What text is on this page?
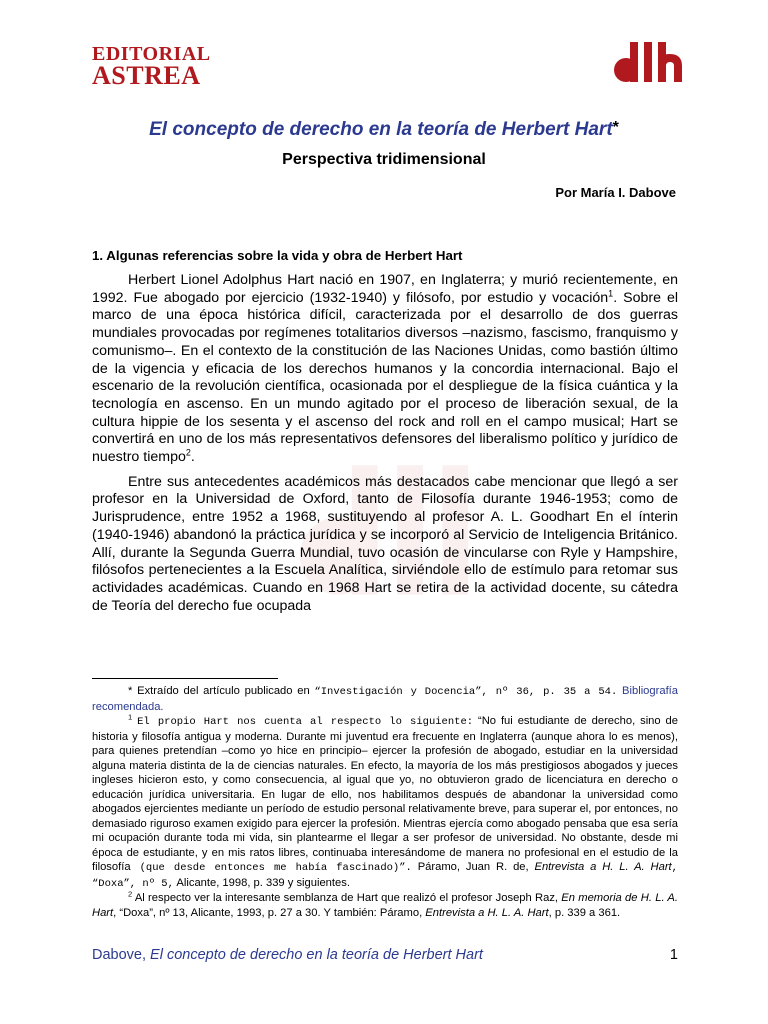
EDITORIAL
ASTREA
El concepto de derecho en la teoría de Herbert Hart*
Perspectiva tridimensional
Por María I. Dabove
1. Algunas referencias sobre la vida y obra de Herbert Hart

Herbert Lionel Adolphus Hart nació en 1907, en Inglaterra; y murió recientemente, en 1992. Fue abogado por ejercicio (1932-1940) y filósofo, por estudio y vocación$^1$. Sobre el marco de una época histórica difícil, caracterizada por el desarrollo de dos guerras mundiales provocadas por regímenes totalitarios diversos –nazismo, fascismo, franquismo y comunismo–. En el contexto de la constitución de las Naciones Unidas, como bastión último de la vigencia y eficacia de los derechos humanos y la concordia internacional. Bajo el escenario de la revolución científica, ocasionada por el despliegue de la física cuántica y la tecnología en ascenso. En un mundo agitado por el proceso de liberación sexual, de la cultura hippie de los sesenta y el ascenso del rock and roll en el campo musical; Hart se convertirá en uno de los más representativos defensores del liberalismo político y jurídico de nuestro tiempo$^2$.

Entre sus antecedentes académicos más destacados cabe mencionar que llegó a ser profesor en la Universidad de Oxford, tanto de Filosofía durante 1946-1953; como de Jurisprudence, entre 1952 a 1968, sustituyendo al profesor A. L. Goodhart En el ínterin (1940-1946) abandonó la práctica jurídica y se incorporó al Servicio de Inteligencia Británico. Allí, durante la Segunda Guerra Mundial, tuvo ocasión de vincularse con Ryle y Hampshire, filósofos pertenecientes a la Escuela Analítica, sirviéndole ello de estímulo para retomar sus actividades académicas. Cuando en 1968 Hart se retira de la actividad docente, su cátedra de Teoría del derecho fue ocupada

* Extraído del artículo publicado en “Investigación y Docencia”, nº 36, p. 35 a 54. Bibliografía recomendada.

$^1$ El propio Hart nos cuenta al respecto lo siguiente: “No fui estudiante de derecho, sino de historia y filosofía antigua y moderna. Durante mi juventud era frecuente en Inglaterra (aunque ahora lo es menos), para quienes pretendían –como yo hice en principio– ejercer la profesión de abogado, estudiar en la universidad alguna materia distinta de la de ciencias naturales. En efecto, la mayoría de los más prestigiosos abogados y jueces ingleses hicieron esto, y como consecuencia, al igual que yo, no obtuvieron grado de licenciatura en derecho o educación jurídica universitaria. En lugar de ello, nos habilitamos después de abandonar la universidad como abogados ejercientes mediante un período de estudio personal relativamente breve, para superar el, por entonces, no demasiado riguroso examen exigido para ejercer la profesión. Mientras ejercía como abogado pensaba que esa sería mi ocupación durante toda mi vida, sin plantearme el llegar a ser profesor de universidad. No obstante, desde mi época de estudiante, y en mis ratos libres, continuaba interesándome de manera no profesional en el estudio de la filosofía (que desde entonces me había fascinado)”. Páramo, Juan R. de, Entrevista a H. L. A. Hart, “Doxa”, nº 5, Alicante, 1998, p. 339 y siguientes.

$^2$ Al respecto ver la interesante semblanza de Hart que realizó el profesor Joseph Raz, En memoria de H. L. A. Hart, “Doxa”, nº 13, Alicante, 1993, p. 27 a 30. Y también: Páramo, Entrevista a H. L. A. Hart, p. 339 a 361.

Dabove, El concepto de derecho en la teoría de Herbert Hart	1
